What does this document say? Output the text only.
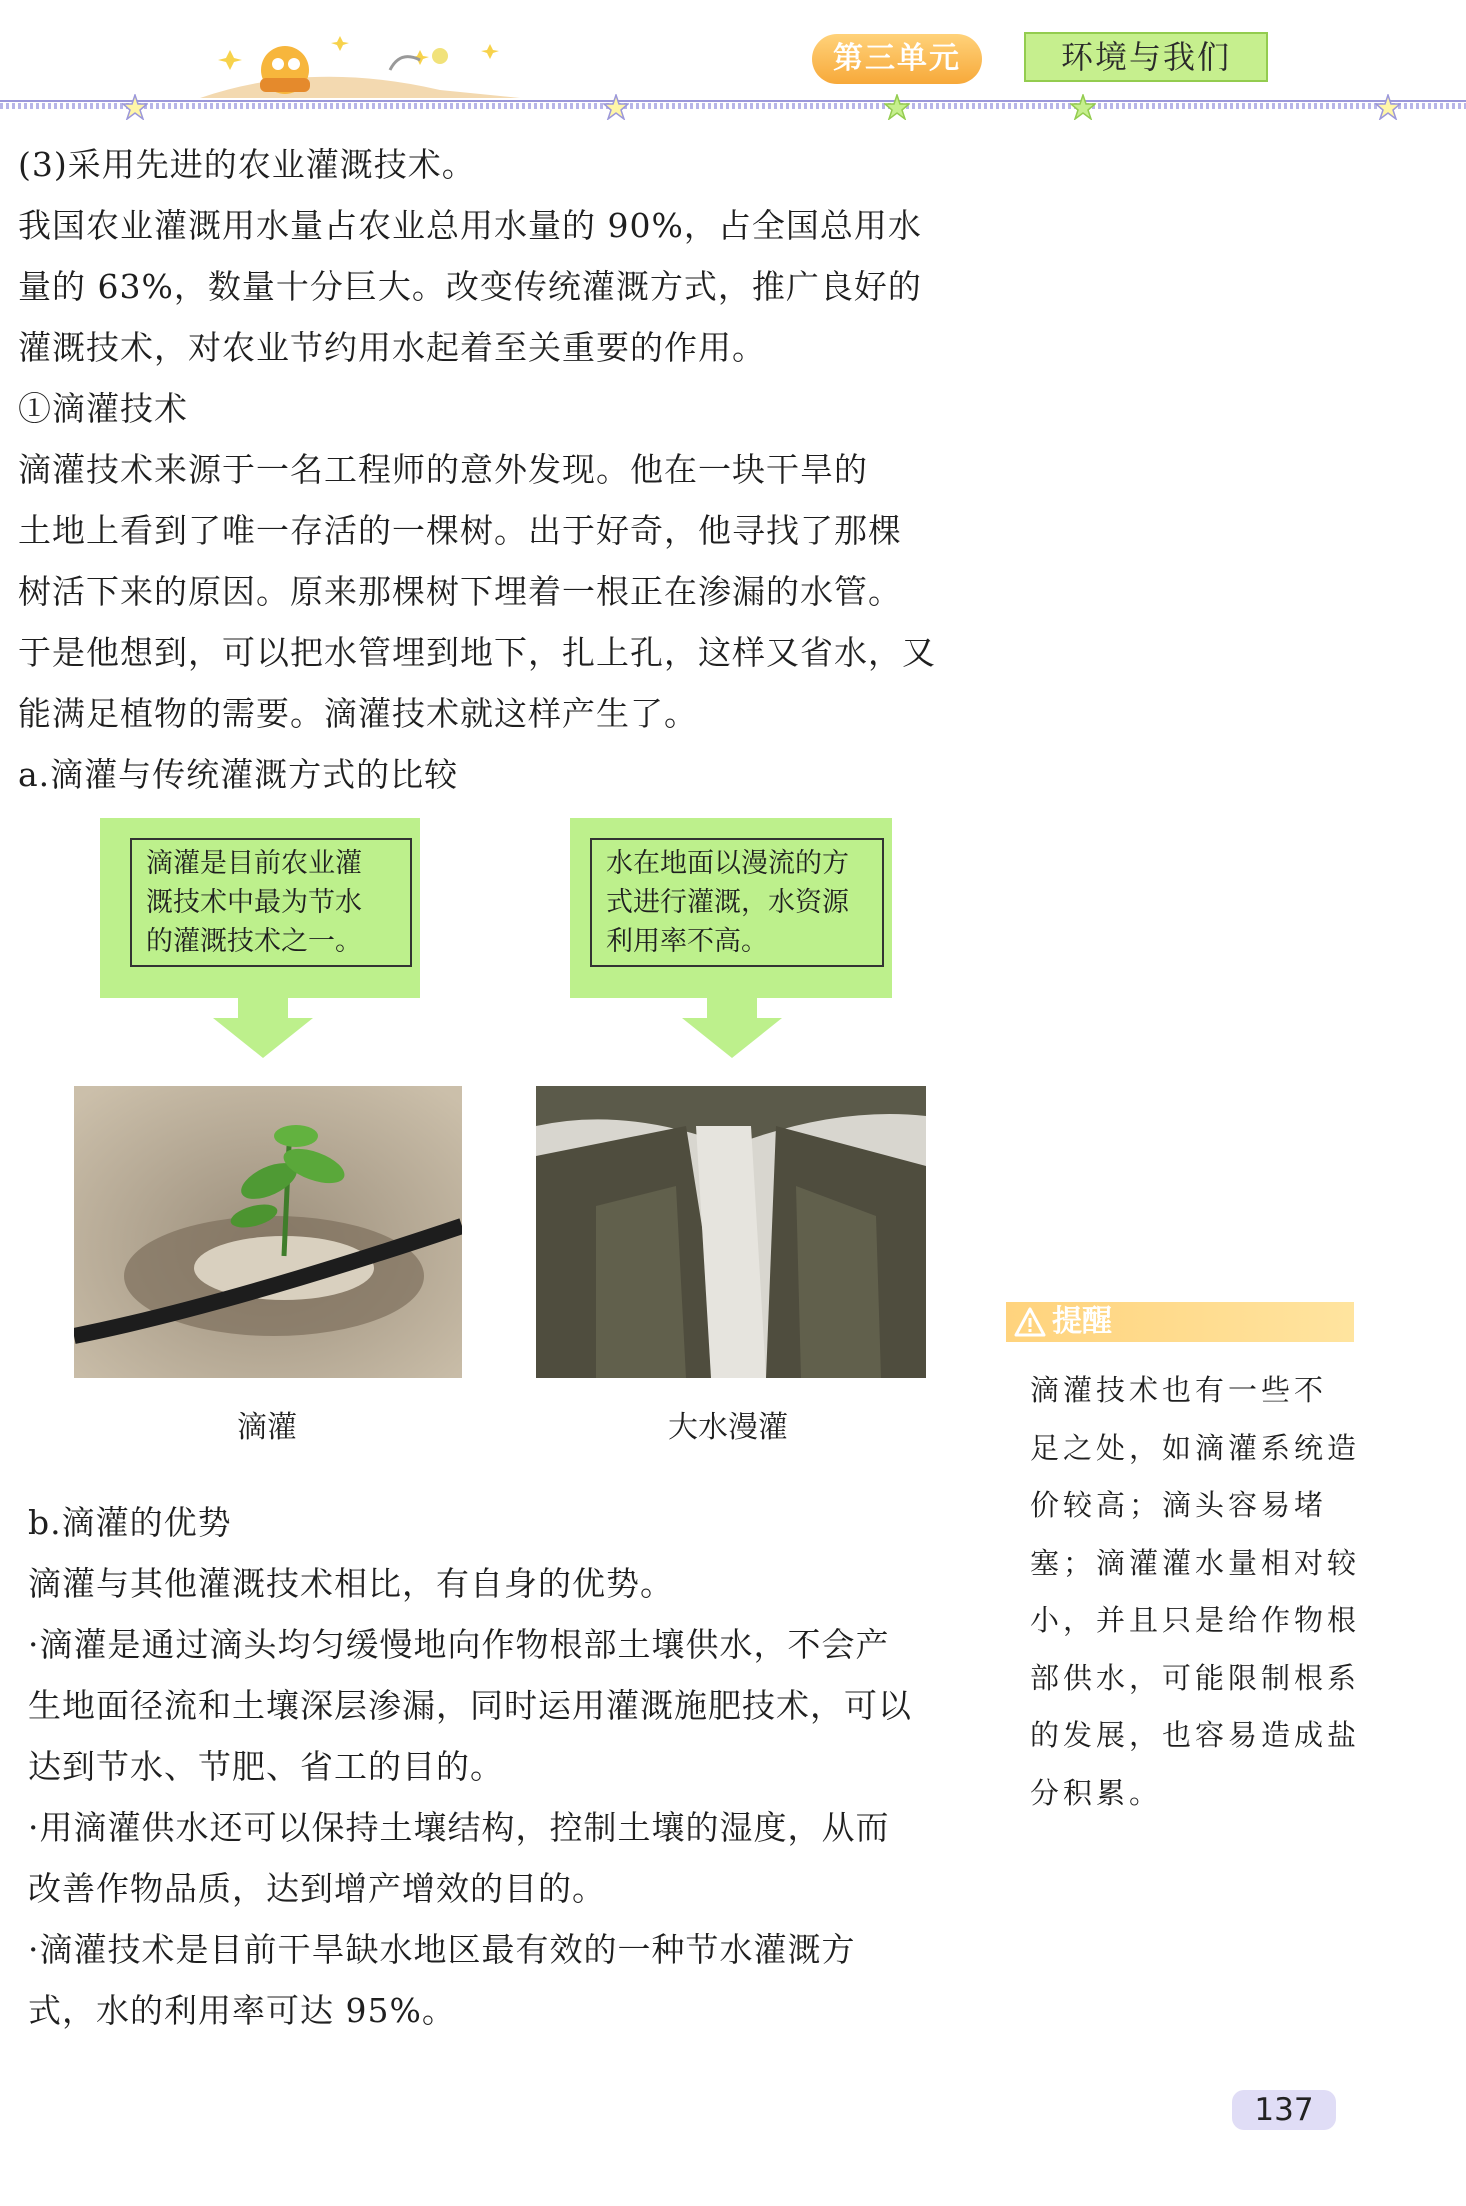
第三单元	环境与我们
(3)采用先进的农业灌溉技术。
我国农业灌溉用水量占农业总用水量的 90%，占全国总用水
量的 63%，数量十分巨大。改变传统灌溉方式，推广良好的
灌溉技术，对农业节约用水起着至关重要的作用。
①滴灌技术
滴灌技术来源于一名工程师的意外发现。他在一块干旱的
土地上看到了唯一存活的一棵树。出于好奇，他寻找了那棵
树活下来的原因。原来那棵树下埋着一根正在渗漏的水管。
于是他想到，可以把水管埋到地下，扎上孔，这样又省水，又
能满足植物的需要。滴灌技术就这样产生了。
a.滴灌与传统灌溉方式的比较
滴灌是目前农业灌
溉技术中最为节水
的灌溉技术之一。
水在地面以漫流的方
式进行灌溉，水资源
利用率不高。
滴灌	大水漫灌
b.滴灌的优势
滴灌与其他灌溉技术相比，有自身的优势。
·滴灌是通过滴头均匀缓慢地向作物根部土壤供水，不会产
生地面径流和土壤深层渗漏，同时运用灌溉施肥技术，可以
达到节水、节肥、省工的目的。
·用滴灌供水还可以保持土壤结构，控制土壤的湿度，从而
改善作物品质，达到增产增效的目的。
·滴灌技术是目前干旱缺水地区最有效的一种节水灌溉方
式，水的利用率可达 95%。
提醒
滴灌技术也有一些不
足之处，如滴灌系统造
价较高；滴头容易堵
塞；滴灌灌水量相对较
小，并且只是给作物根
部供水，可能限制根系
的发展，也容易造成盐
分积累。
137
